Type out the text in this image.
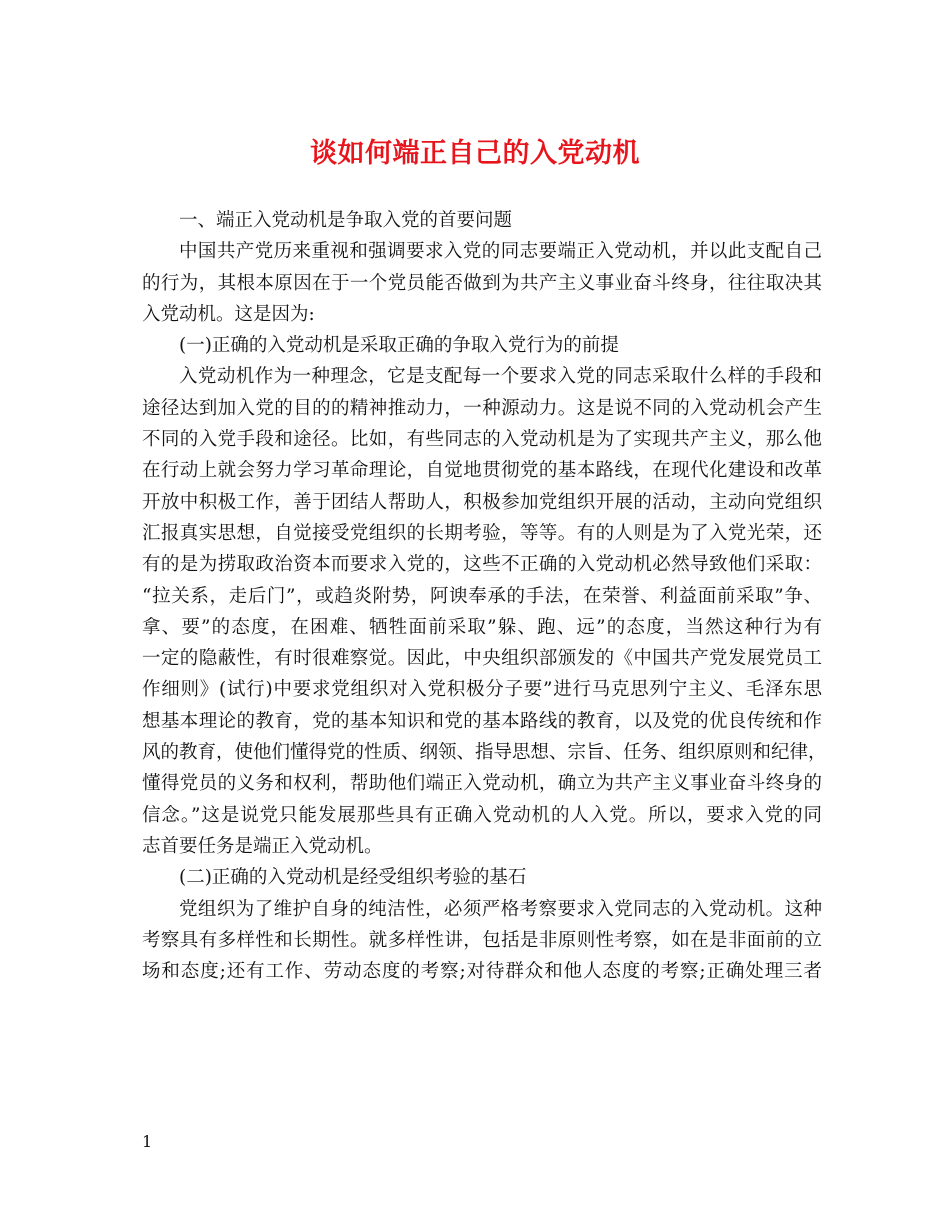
谈如何端正自己的入党动机
一、端正入党动机是争取入党的首要问题
中国共产党历来重视和强调要求入党的同志要端正入党动机，并以此支配自己
的行为，其根本原因在于一个党员能否做到为共产主义事业奋斗终身，往往取决其
入党动机。这是因为:
(一)正确的入党动机是采取正确的争取入党行为的前提
入党动机作为一种理念，它是支配每一个要求入党的同志采取什么样的手段和
途径达到加入党的目的的精神推动力，一种源动力。这是说不同的入党动机会产生
不同的入党手段和途径。比如，有些同志的入党动机是为了实现共产主义，那么他
在行动上就会努力学习革命理论，自觉地贯彻党的基本路线，在现代化建设和改革
开放中积极工作，善于团结人帮助人，积极参加党组织开展的活动，主动向党组织
汇报真实思想，自觉接受党组织的长期考验，等等。有的人则是为了入党光荣，还
有的是为捞取政治资本而要求入党的，这些不正确的入党动机必然导致他们采取：
“拉关系，走后门”，或趋炎附势，阿谀奉承的手法，在荣誉、利益面前采取”争、
拿、要”的态度，在困难、牺牲面前采取”躲、跑、远”的态度，当然这种行为有
一定的隐蔽性，有时很难察觉。因此，中央组织部颁发的《中国共产党发展党员工
作细则》(试行)中要求党组织对入党积极分子要”进行马克思列宁主义、毛泽东思
想基本理论的教育，党的基本知识和党的基本路线的教育，以及党的优良传统和作
风的教育，使他们懂得党的性质、纲领、指导思想、宗旨、任务、组织原则和纪律，
懂得党员的义务和权利，帮助他们端正入党动机，确立为共产主义事业奋斗终身的
信念。”这是说党只能发展那些具有正确入党动机的人入党。所以，要求入党的同
志首要任务是端正入党动机。
(二)正确的入党动机是经受组织考验的基石
党组织为了维护自身的纯洁性，必须严格考察要求入党同志的入党动机。这种
考察具有多样性和长期性。就多样性讲，包括是非原则性考察，如在是非面前的立
场和态度;还有工作、劳动态度的考察;对待群众和他人态度的考察;正确处理三者
1
